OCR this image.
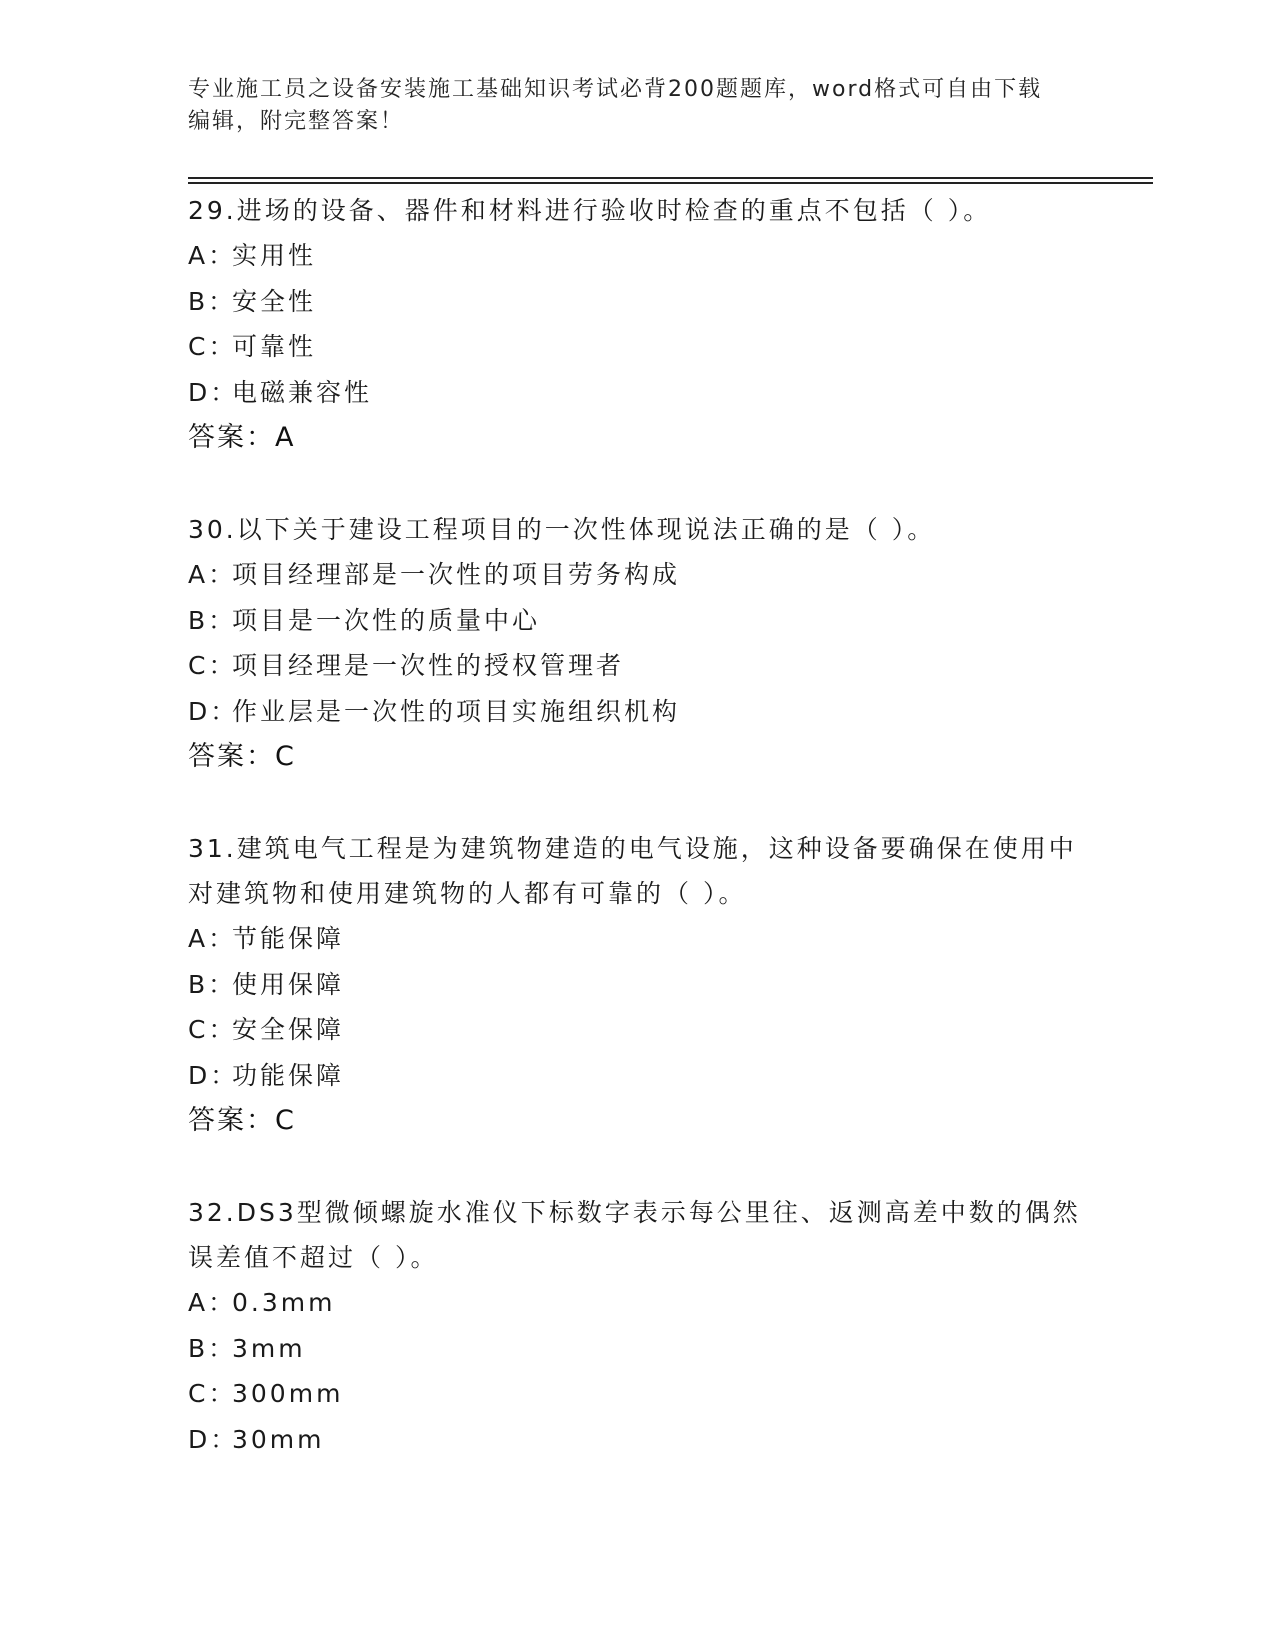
专业施工员之设备安装施工基础知识考试必背200题题库，word格式可自由下载
编辑，附完整答案！

29.进场的设备、器件和材料进行验收时检查的重点不包括（ ）。

A：实用性
B：安全性
C：可靠性
D：电磁兼容性
答案：A

30.以下关于建设工程项目的一次性体现说法正确的是（ ）。

A：项目经理部是一次性的项目劳务构成
B：项目是一次性的质量中心
C：项目经理是一次性的授权管理者
D：作业层是一次性的项目实施组织机构
答案：C

31.建筑电气工程是为建筑物建造的电气设施，这种设备要确保在使用中对建筑物和使用建筑物的人都有可靠的（ ）。

A：节能保障
B：使用保障
C：安全保障
D：功能保障
答案：C

32.DS3型微倾螺旋水准仪下标数字表示每公里往、返测高差中数的偶然误差值不超过（ ）。

A：0.3mm
B：3mm
C：300mm
D：30mm
